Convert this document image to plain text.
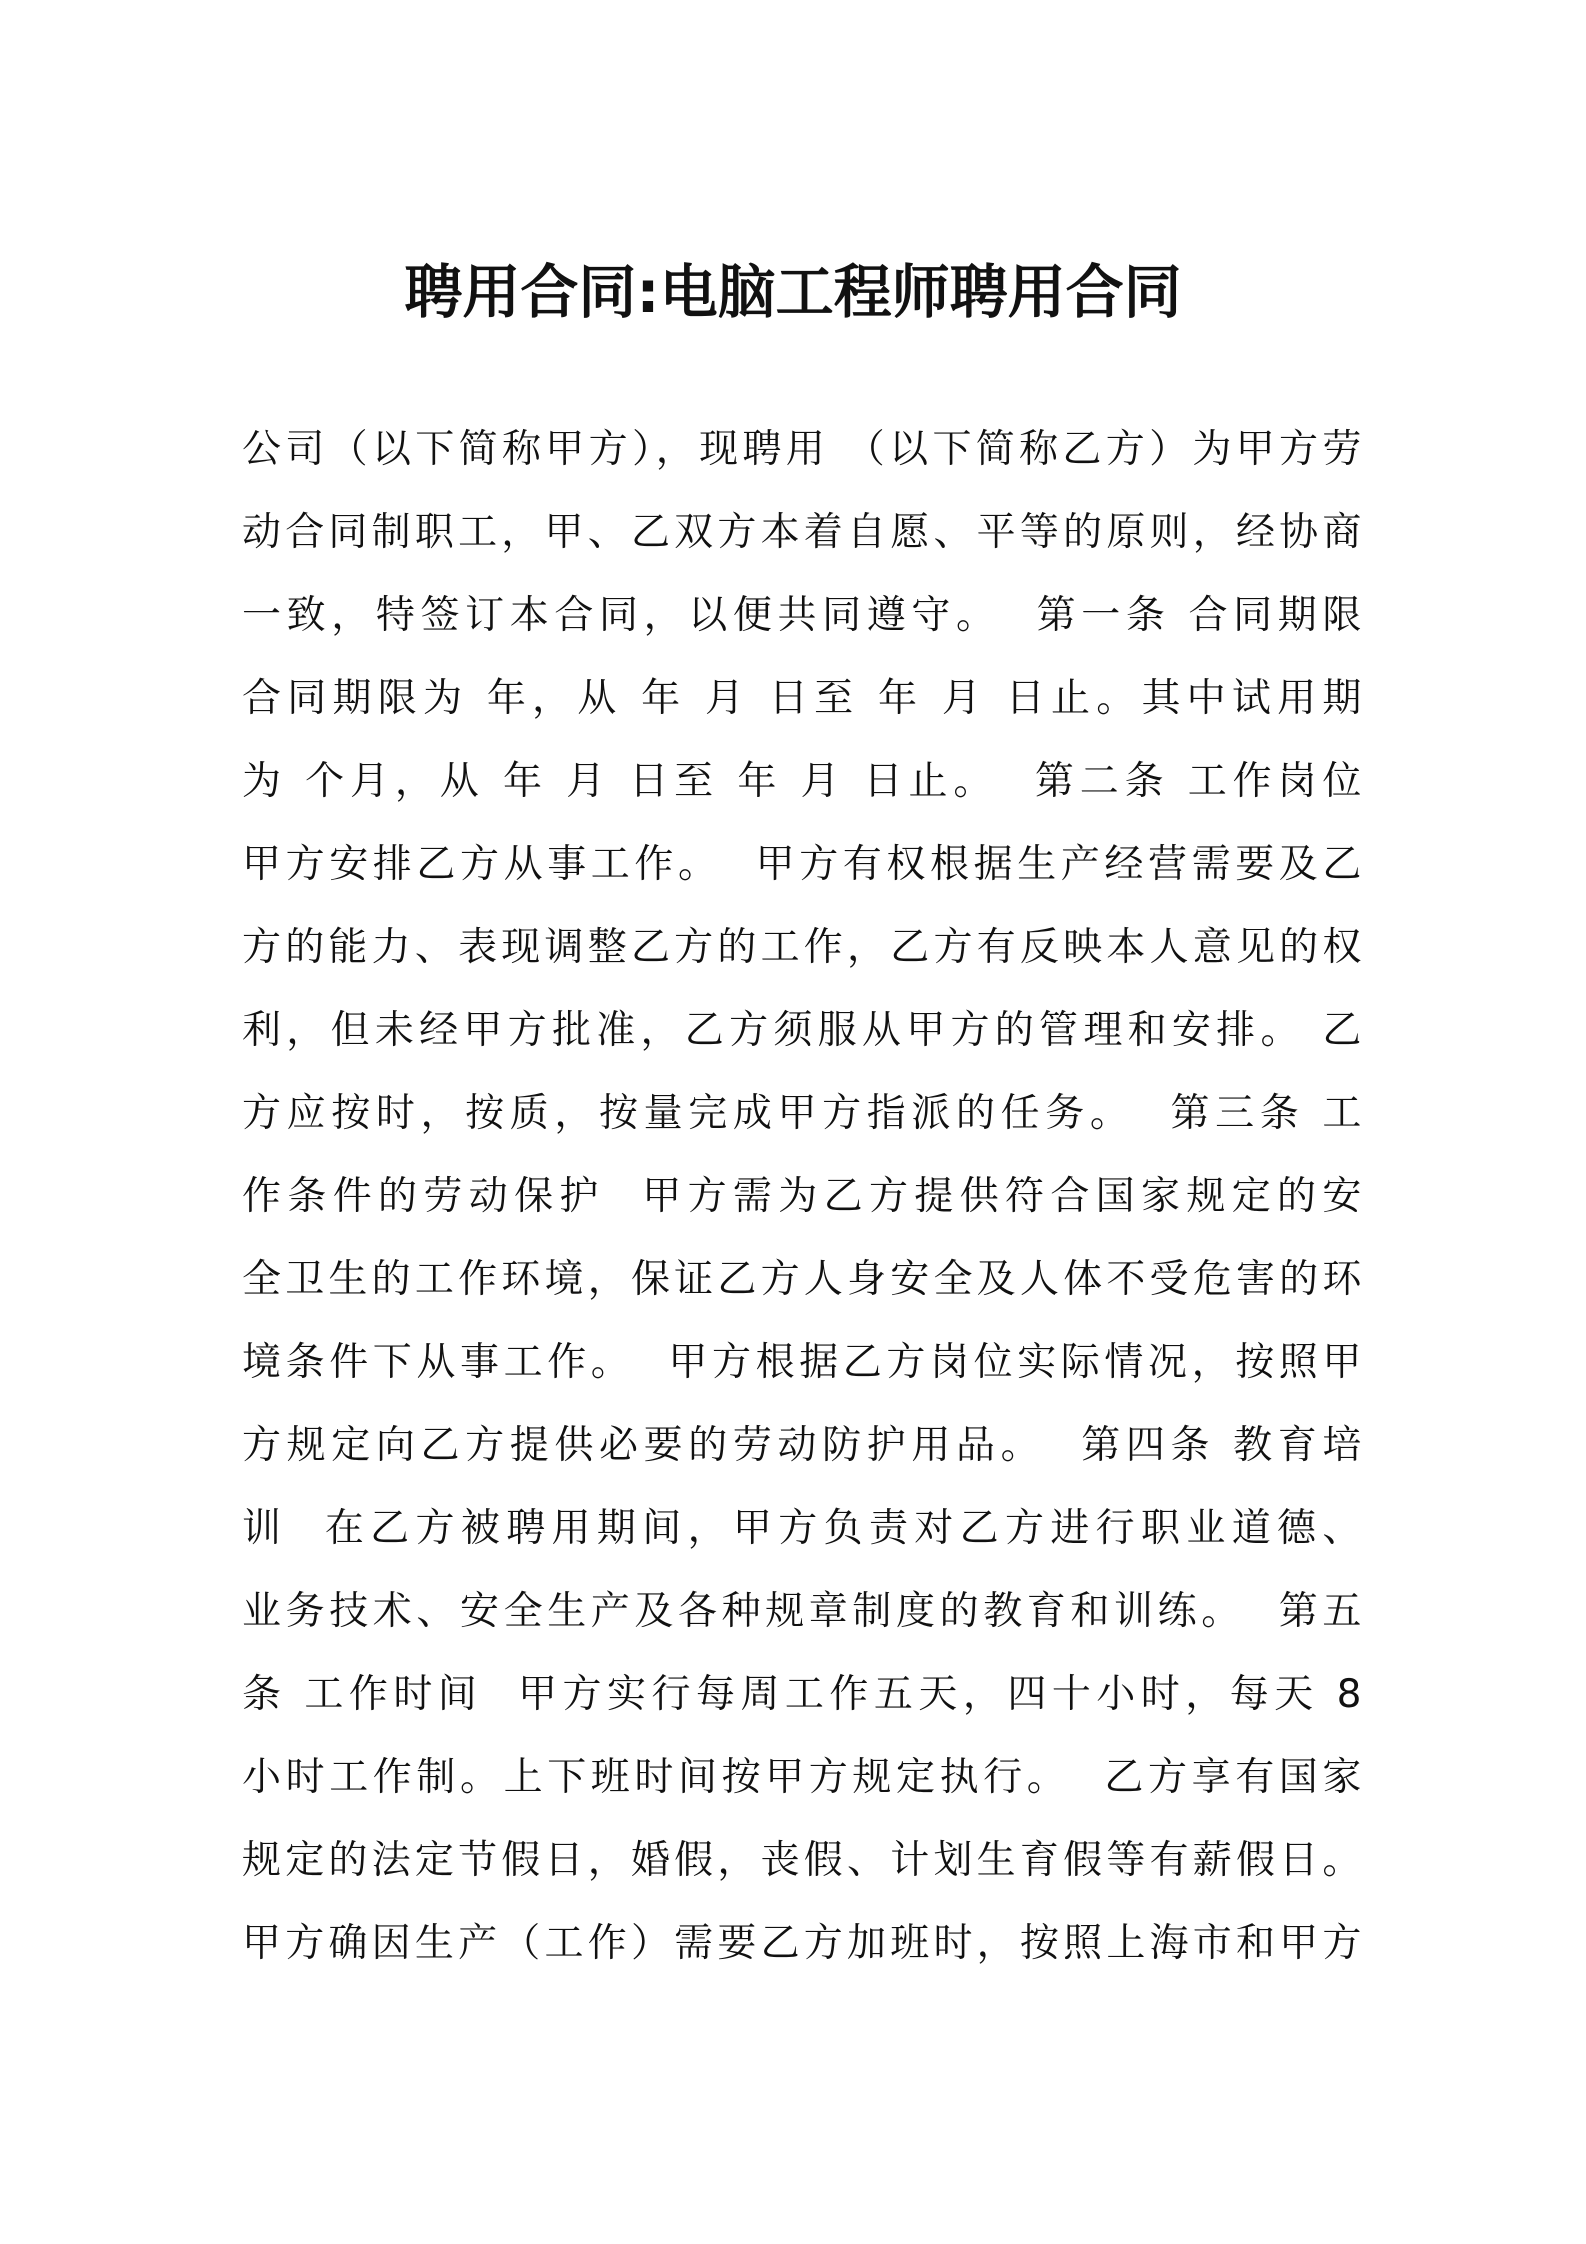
聘用合同:电脑工程师聘用合同
公司（以下简称甲方），现聘用 （以下简称乙方）为甲方劳
动合同制职工，甲、乙双方本着自愿、平等的原则，经协商
一致，特签订本合同，以便共同遵守。  第一条 合同期限
合同期限为 年，从 年 月 日至 年 月 日止。其中试用期
为 个月，从 年 月 日至 年 月 日止。  第二条 工作岗位
甲方安排乙方从事工作。  甲方有权根据生产经营需要及乙
方的能力、表现调整乙方的工作，乙方有反映本人意见的权
利，但未经甲方批准，乙方须服从甲方的管理和安排。 乙
方应按时，按质，按量完成甲方指派的任务。  第三条 工
作条件的劳动保护  甲方需为乙方提供符合国家规定的安
全卫生的工作环境，保证乙方人身安全及人体不受危害的环
境条件下从事工作。  甲方根据乙方岗位实际情况，按照甲
方规定向乙方提供必要的劳动防护用品。  第四条 教育培
训  在乙方被聘用期间，甲方负责对乙方进行职业道德、
业务技术、安全生产及各种规章制度的教育和训练。  第五
条 工作时间  甲方实行每周工作五天，四十小时，每天 8
小时工作制。上下班时间按甲方规定执行。  乙方享有国家
规定的法定节假日，婚假，丧假、计划生育假等有薪假日。
甲方确因生产（工作）需要乙方加班时，按照上海市和甲方
